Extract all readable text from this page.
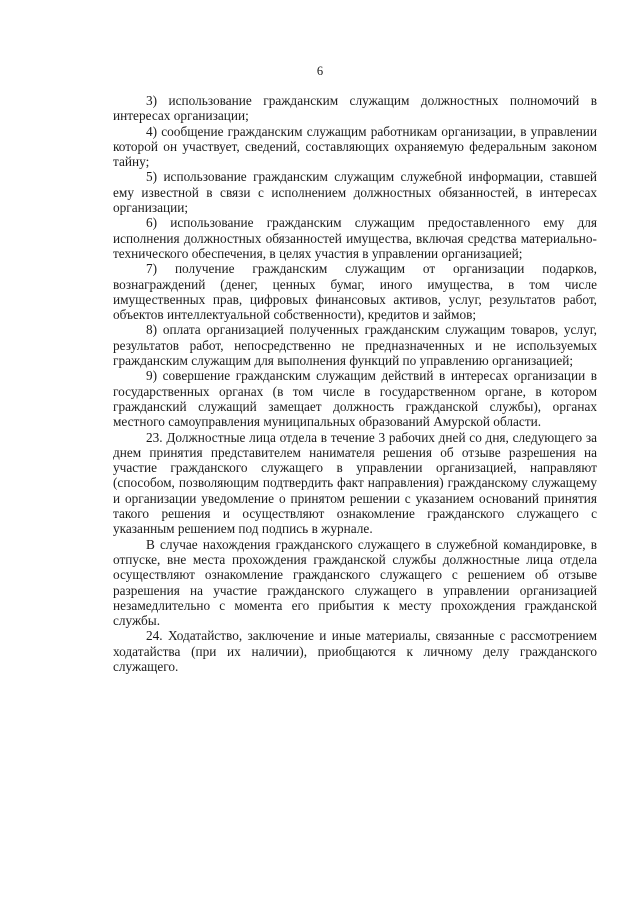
6

3) использование гражданским служащим должностных полномочий в интересах организации;

4) сообщение гражданским служащим работникам организации, в управлении которой он участвует, сведений, составляющих охраняемую федеральным законом тайну;

5) использование гражданским служащим служебной информации, ставшей ему известной в связи с исполнением должностных обязанностей, в интересах организации;

6) использование гражданским служащим предоставленного ему для исполнения должностных обязанностей имущества, включая средства материально-технического обеспечения, в целях участия в управлении организацией;

7) получение гражданским служащим от организации подарков, вознаграждений (денег, ценных бумаг, иного имущества, в том числе имущественных прав, цифровых финансовых активов, услуг, результатов работ, объектов интеллектуальной собственности), кредитов и займов;

8) оплата организацией полученных гражданским служащим товаров, услуг, результатов работ, непосредственно не предназначенных и не используемых гражданским служащим для выполнения функций по управлению организацией;

9) совершение гражданским служащим действий в интересах организации в государственных органах (в том числе в государственном органе, в котором гражданский служащий замещает должность гражданской службы), органах местного самоуправления муниципальных образований Амурской области.

23. Должностные лица отдела в течение 3 рабочих дней со дня, следующего за днем принятия представителем нанимателя решения об отзыве разрешения на участие гражданского служащего в управлении организацией, направляют (способом, позволяющим подтвердить факт направления) гражданскому служащему и организации уведомление о принятом решении с указанием оснований принятия такого решения и осуществляют ознакомление гражданского служащего с указанным решением под подпись в журнале.

В случае нахождения гражданского служащего в служебной командировке, в отпуске, вне места прохождения гражданской службы должностные лица отдела осуществляют ознакомление гражданского служащего с решением об отзыве разрешения на участие гражданского служащего в управлении организацией незамедлительно с момента его прибытия к месту прохождения гражданской службы.

24. Ходатайство, заключение и иные материалы, связанные с рассмотрением ходатайства (при их наличии), приобщаются к личному делу гражданского служащего.
